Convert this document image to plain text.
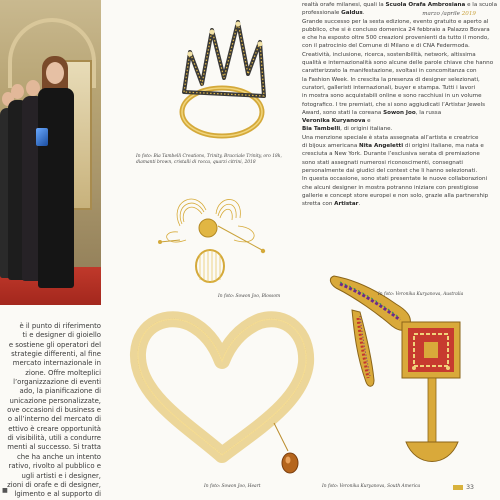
è il punto di riferimento

ti e designer di gioiello

e sostiene gli operatori del

strategie differenti, al fine

mercato internazionale in

zione. Offre molteplici

l’organizzazione di eventi

ado, la pianificazione di

unicazione personalizzate,

ove occasioni di business e

o all’interno del mercato di

ettivo è creare opportunità

di visibilità, utili a condurre

menti al successo. Si tratta

che ha anche un intento

rativo, rivolto al pubblico e

ugli artisti e i designer,

zioni di orafe e di designer,

lgimento e al supporto di

■
marzo /aprile 2019
In foto: Bia Tambelli Creations, Trinity, Bracciale Trinity, oro 18k,
diamanti brown, cristalli di rocca, quarzi citrini, 2018
In foto: Sowon Joo, Blossom
In foto: Sowon Joo, Heart
In foto: Veronika Kuryanova, Australia
In foto: Veronika Kuryanova, South America

realtà orafe milanesi, quali la Scuola Orafa Ambrosiana e la scuola

professionale Galdus.

Grande successo per la sesta edizione, evento gratuito e aperto al

pubblico, che si è concluso domenica 24 febbraio a Palazzo Bovara

e che ha esposto oltre 500 creazioni provenienti da tutto il mondo,

con il patrocinio del Comune di Milano e di CNA Federmoda.

Creatività, inclusione, ricerca, sostenibilità, network, altissima

qualità e internazionalità sono alcune delle parole chiave che hanno

caratterizzato la manifestazione, svoltasi in concomitanza con

la Fashion Week. In crescita la presenza di designer selezionati,

curatori, galleristi internazionali, buyer e stampa. Tutti i lavori

in mostra sono acquistabili online e sono racchiusi in un volume

fotografico. I tre premiati, che si sono aggiudicati l’Artistar Jewels

Award, sono stati la coreana Sowon Joo, la russa

Veronika Kuryanova e

Bia Tambelli, di origini italiane.

Una menzione speciale è stata assegnata all’artista e creatrice

di bijoux americana Nita Angeletti di origini italiane, ma nata e

cresciuta a New York. Durante l’esclusiva serata di premiazione

sono stati assegnati numerosi riconoscimenti, consegnati

personalmente dai giudici del contest che li hanno selezionati.

In questa occasione, sono stati presentate le nuove collaborazioni

che alcuni designer in mostra potranno iniziare con prestigiose

gallerie e concept store europei e non solo, grazie alla partnership

stretta con Artistar.

33
